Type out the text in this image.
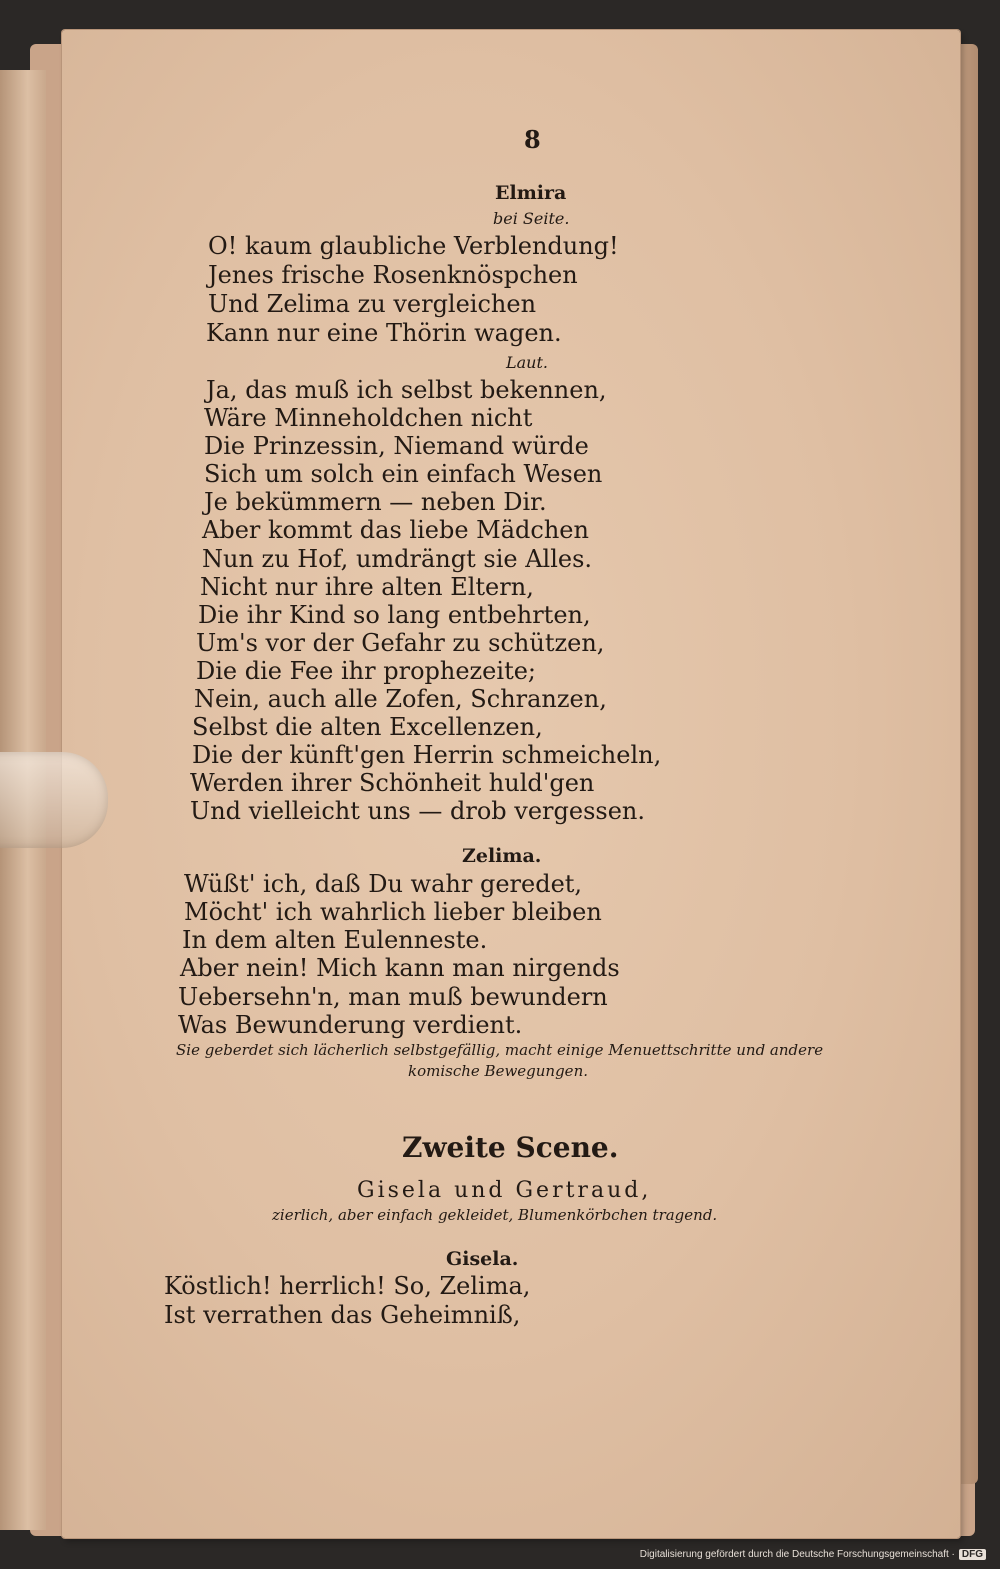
8
Elmira
bei Seite.
O! kaum glaubliche Verblendung!
Jenes frische Rosenknöspchen
Und Zelima zu vergleichen
Kann nur eine Thörin wagen.
Laut.
Ja, das muß ich selbst bekennen,
Wäre Minneholdchen nicht
Die Prinzessin, Niemand würde
Sich um solch ein einfach Wesen
Je bekümmern — neben Dir.
Aber kommt das liebe Mädchen
Nun zu Hof, umdrängt sie Alles.
Nicht nur ihre alten Eltern,
Die ihr Kind so lang entbehrten,
Um's vor der Gefahr zu schützen,
Die die Fee ihr prophezeite;
Nein, auch alle Zofen, Schranzen,
Selbst die alten Excellenzen,
Die der künft'gen Herrin schmeicheln,
Werden ihrer Schönheit huld'gen
Und vielleicht uns — drob vergessen.
Zelima.
Wüßt' ich, daß Du wahr geredet,
Möcht' ich wahrlich lieber bleiben
In dem alten Eulenneste.
Aber nein! Mich kann man nirgends
Uebersehn'n, man muß bewundern
Was Bewunderung verdient.
Sie geberdet sich lächerlich selbstgefällig, macht einige Menuettschritte und andere
komische Bewegungen.
Zweite Scene.
Gisela und Gertraud,
zierlich, aber einfach gekleidet, Blumenkörbchen tragend.
Gisela.
Köstlich! herrlich! So, Zelima,
Ist verrathen das Geheimniß,
Digitalisierung gefördert durch die Deutsche Forschungsgemeinschaft · DFG
